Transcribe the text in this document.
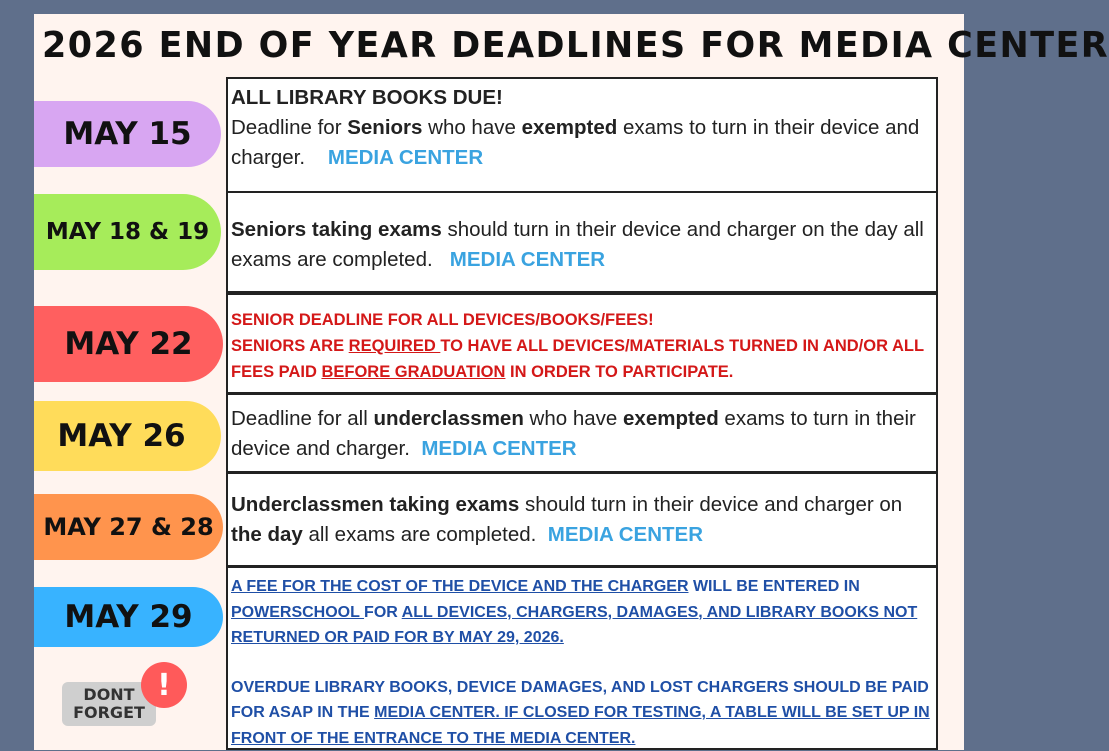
2026 END OF YEAR DEADLINES FOR MEDIA CENTER
MAY 15
MAY 18 & 19
MAY 22
MAY 26
MAY 27 & 28
MAY 29
ALL LIBRARY BOOKS DUE!
Deadline for Seniors who have exempted exams to turn in their device and charger. MEDIA CENTER
Seniors taking exams should turn in their device and charger on the day all exams are completed. MEDIA CENTER
SENIOR DEADLINE FOR ALL DEVICES/BOOKS/FEES!
SENIORS ARE REQUIRED TO HAVE ALL DEVICES/MATERIALS TURNED IN AND/OR ALL FEES PAID BEFORE GRADUATION IN ORDER TO PARTICIPATE.
Deadline for all underclassmen who have exempted exams to turn in their device and charger. MEDIA CENTER
Underclassmen taking exams should turn in their device and charger on the day all exams are completed. MEDIA CENTER
A FEE FOR THE COST OF THE DEVICE AND THE CHARGER WILL BE ENTERED IN POWERSCHOOL FOR ALL DEVICES, CHARGERS, DAMAGES, AND LIBRARY BOOKS NOT RETURNED OR PAID FOR BY MAY 29, 2026.
OVERDUE LIBRARY BOOKS, DEVICE DAMAGES, AND LOST CHARGERS SHOULD BE PAID FOR ASAP IN THE MEDIA CENTER. IF CLOSED FOR TESTING, A TABLE WILL BE SET UP IN FRONT OF THE ENTRANCE TO THE MEDIA CENTER.
DONT
FORGET
!
